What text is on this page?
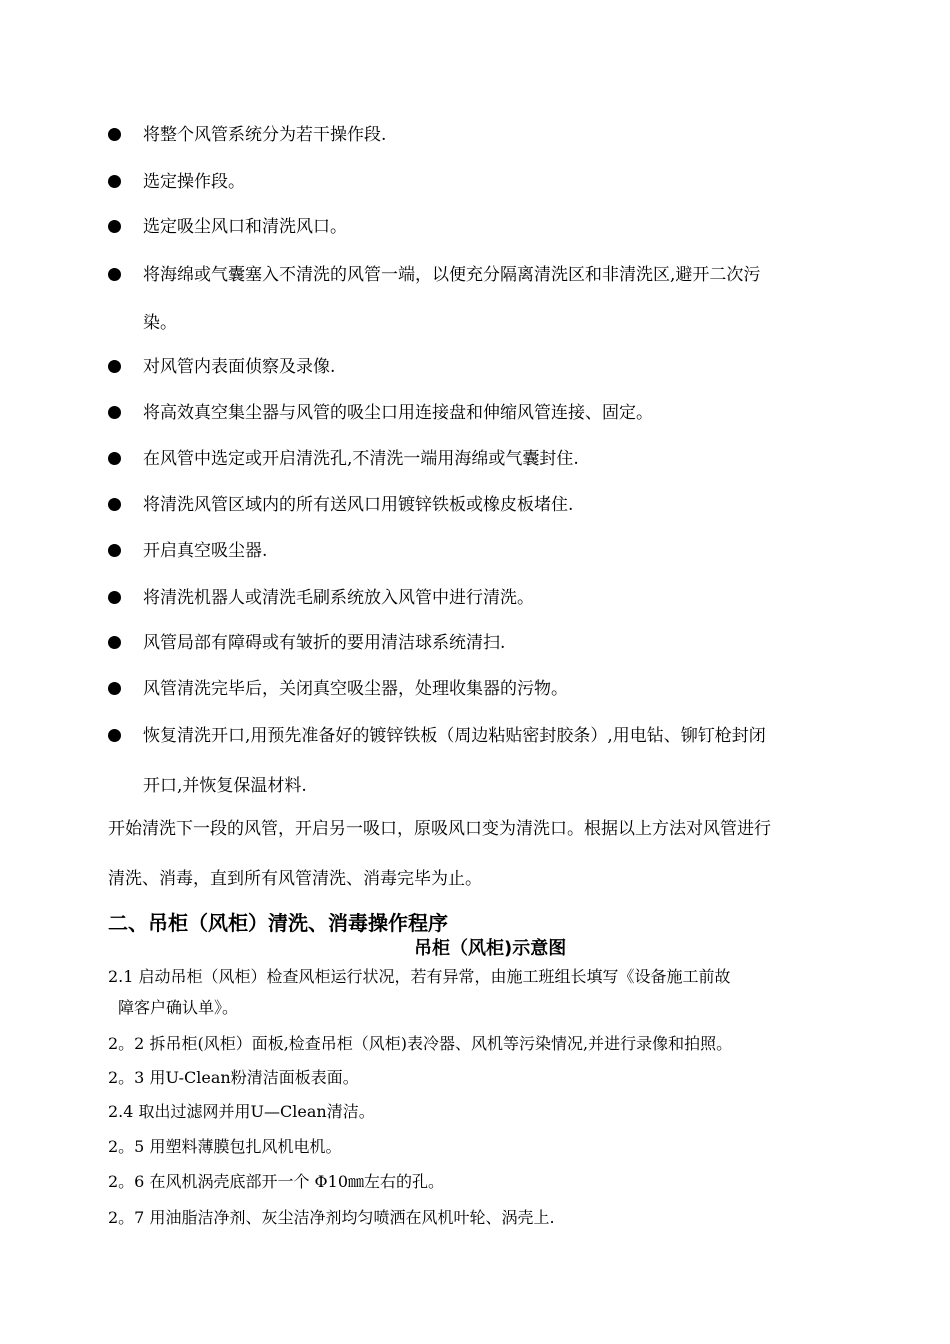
将整个风管系统分为若干操作段.
选定操作段。
选定吸尘风口和清洗风口。
将海绵或气囊塞入不清洗的风管一端，以便充分隔离清洗区和非清洗区,避开二次污
染。
对风管内表面侦察及录像.
将高效真空集尘器与风管的吸尘口用连接盘和伸缩风管连接、固定。
在风管中选定或开启清洗孔,不清洗一端用海绵或气囊封住.
将清洗风管区域内的所有送风口用镀锌铁板或橡皮板堵住.
开启真空吸尘器.
将清洗机器人或清洗毛刷系统放入风管中进行清洗。
风管局部有障碍或有皱折的要用清洁球系统清扫.
风管清洗完毕后，关闭真空吸尘器，处理收集器的污物。
恢复清洗开口,用预先准备好的镀锌铁板（周边粘贴密封胶条）,用电钻、铆钉枪封闭
开口,并恢复保温材料.
开始清洗下一段的风管，开启另一吸口，原吸风口变为清洗口。根据以上方法对风管进行
清洗、消毒，直到所有风管清洗、消毒完毕为止。
二、吊柜（风柜）清洗、消毒操作程序
吊柜（风柜)示意图
2.1 启动吊柜（风柜）检查风柜运行状况，若有异常，由施工班组长填写《设备施工前故
障客户确认单》。
2。2 拆吊柜(风柜）面板,检查吊柜（风柜)表冷器、风机等污染情况,并进行录像和拍照。
2。3 用U-Clean粉清洁面板表面。
2.4 取出过滤网并用U—Clean清洁。
2。5 用塑料薄膜包扎风机电机。
2。6 在风机涡壳底部开一个 Φ10㎜左右的孔。
2。7 用油脂洁净剂、灰尘洁净剂均匀喷洒在风机叶轮、涡壳上.
